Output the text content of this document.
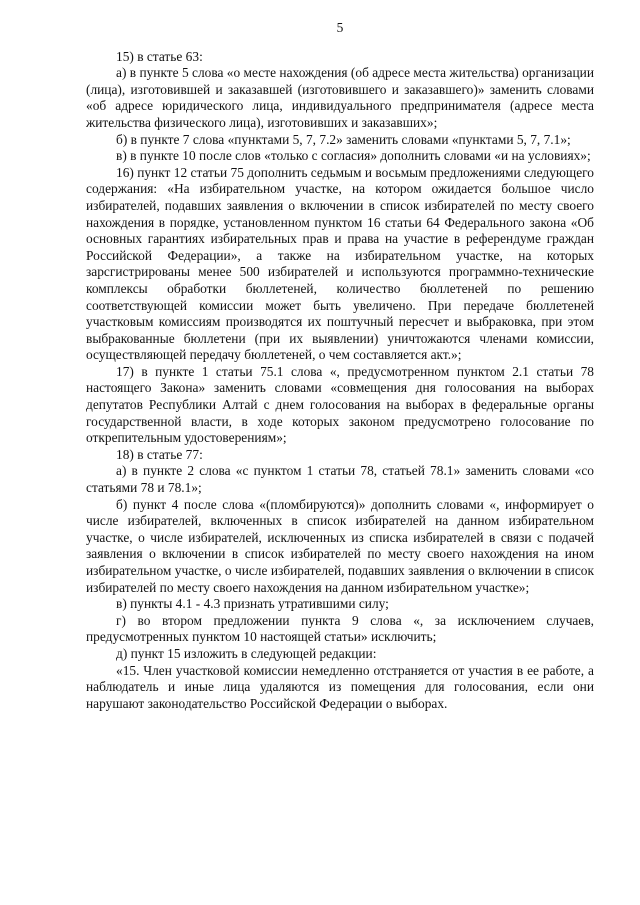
5

15) в статье 63:

а) в пункте 5 слова «о месте нахождения (об адресе места жительства) организации (лица), изготовившей и заказавшей (изготовившего и заказавшего)» заменить словами «об адресе юридического лица, индивидуального предпринимателя (адресе места жительства физического лица), изготовивших и заказавших»;

б) в пункте 7 слова «пунктами 5, 7, 7.2» заменить словами «пунктами 5, 7, 7.1»;

в) в пункте 10 после слов «только с согласия» дополнить словами «и на условиях»;

16) пункт 12 статьи 75 дополнить седьмым и восьмым предложениями следующего содержания: «На избирательном участке, на котором ожидается большое число избирателей, подавших заявления о включении в список избирателей по месту своего нахождения в порядке, установленном пунктом 16 статьи 64 Федерального закона «Об основных гарантиях избирательных прав и права на участие в референдуме граждан Российской Федерации», а также на избирательном участке, на которых зарсгистрированы менее 500 избирателей и используются программно-технические комплексы обработки бюллетеней, количество бюллетеней по решению соответствующей комиссии может быть увеличено. При передаче бюллетеней участковым комиссиям производятся их поштучный пересчет и выбраковка, при этом выбракованные бюллетени (при их выявлении) уничтожаются членами комиссии, осуществляющей передачу бюллетеней, о чем составляется акт.»;

17) в пункте 1 статьи 75.1 слова «, предусмотренном пунктом 2.1 статьи 78 настоящего Закона» заменить словами «совмещения дня голосования на выборах депутатов Республики Алтай с днем голосования на выборах в федеральные органы государственной власти, в ходе которых законом предусмотрено голосование по открепительным удостоверениям»;

18) в статье 77:

а) в пункте 2 слова «с пунктом 1 статьи 78, статьей 78.1» заменить словами «со статьями 78 и 78.1»;

б) пункт 4 после слова «(пломбируются)» дополнить словами «, информирует о числе избирателей, включенных в список избирателей на данном избирательном участке, о числе избирателей, исключенных из списка избирателей в связи с подачей заявления о включении в список избирателей по месту своего нахождения на ином избирательном участке, о числе избирателей, подавших заявления о включении в список избирателей по месту своего нахождения на данном избирательном участке»;

в) пункты 4.1 - 4.3 признать утратившими силу;

г) во втором предложении пункта 9 слова «, за исключением случаев, предусмотренных пунктом 10 настоящей статьи» исключить;

д) пункт 15 изложить в следующей редакции:

«15. Член участковой комиссии немедленно отстраняется от участия в ее работе, а наблюдатель и иные лица удаляются из помещения для голосования, если они нарушают законодательство Российской Федерации о выборах.
